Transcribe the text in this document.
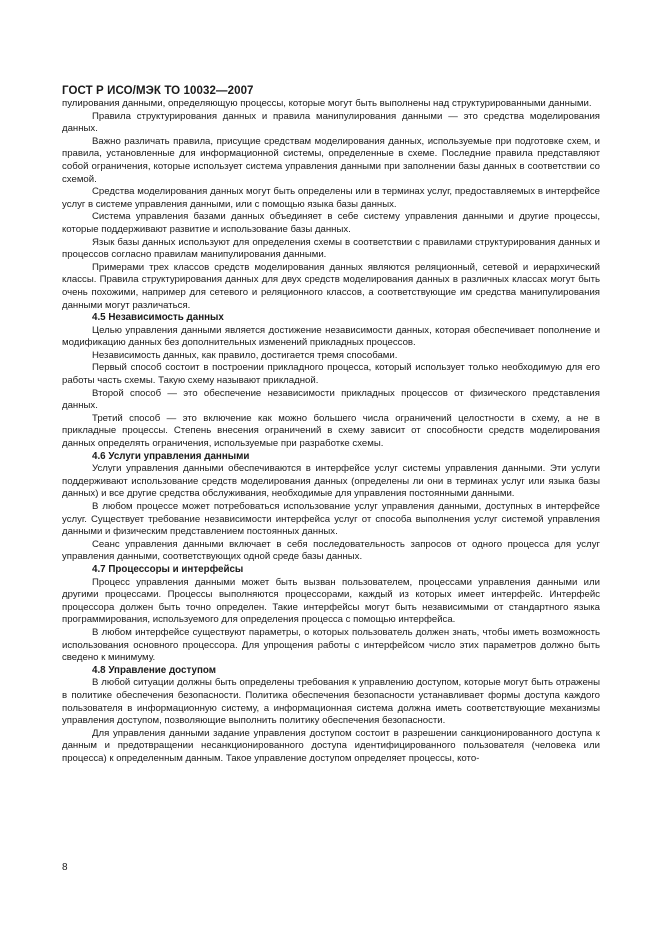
ГОСТ Р ИСО/МЭК ТО 10032—2007

пулирования данными, определяющую процессы, которые могут быть выполнены над структурированными данными.

Правила структурирования данных и правила манипулирования данными — это средства моделирования данных.

Важно различать правила, присущие средствам моделирования данных, используемые при подготовке схем, и правила, установленные для информационной системы, определенные в схеме. Последние правила представляют собой ограничения, которые использует система управления данными при заполнении базы данных в соответствии со схемой.

Средства моделирования данных могут быть определены или в терминах услуг, предоставляемых в интерфейсе услуг в системе управления данными, или с помощью языка базы данных.

Система управления базами данных объединяет в себе систему управления данными и другие процессы, которые поддерживают развитие и использование базы данных.

Язык базы данных используют для определения схемы в соответствии с правилами структурирования данных и процессов согласно правилам манипулирования данными.

Примерами трех классов средств моделирования данных являются реляционный, сетевой и иерархический классы. Правила структурирования данных для двух средств моделирования данных в различных классах могут быть очень похожими, например для сетевого и реляционного классов, а соответствующие им средства манипулирования данными могут различаться.

4.5 Независимость данных

Целью управления данными является достижение независимости данных, которая обеспечивает пополнение и модификацию данных без дополнительных изменений прикладных процессов.

Независимость данных, как правило, достигается тремя способами.

Первый способ состоит в построении прикладного процесса, который использует только необходимую для его работы часть схемы. Такую схему называют прикладной.

Второй способ — это обеспечение независимости прикладных процессов от физического представления данных.

Третий способ — это включение как можно большего числа ограничений целостности в схему, а не в прикладные процессы. Степень внесения ограничений в схему зависит от способности средств моделирования данных определять ограничения, используемые при разработке схемы.

4.6 Услуги управления данными

Услуги управления данными обеспечиваются в интерфейсе услуг системы управления данными. Эти услуги поддерживают использование средств моделирования данных (определены ли они в терминах услуг или языка базы данных) и все другие средства обслуживания, необходимые для управления постоянными данными.

В любом процессе может потребоваться использование услуг управления данными, доступных в интерфейсе услуг. Существует требование независимости интерфейса услуг от способа выполнения услуг системой управления данными и физическим представлением постоянных данных.

Сеанс управления данными включает в себя последовательность запросов от одного процесса для услуг управления данными, соответствующих одной среде базы данных.

4.7 Процессоры и интерфейсы

Процесс управления данными может быть вызван пользователем, процессами управления данными или другими процессами. Процессы выполняются процессорами, каждый из которых имеет интерфейс. Интерфейс процессора должен быть точно определен. Такие интерфейсы могут быть независимыми от стандартного языка программирования, используемого для определения процесса с помощью интерфейса.

В любом интерфейсе существуют параметры, о которых пользователь должен знать, чтобы иметь возможность использования основного процессора. Для упрощения работы с интерфейсом число этих параметров должно быть сведено к минимуму.

4.8 Управление доступом

В любой ситуации должны быть определены требования к управлению доступом, которые могут быть отражены в политике обеспечения безопасности. Политика обеспечения безопасности устанавливает формы доступа каждого пользователя в информационную систему, а информационная система должна иметь соответствующие механизмы управления доступом, позволяющие выполнить политику обеспечения безопасности.

Для управления данными задание управления доступом состоит в разрешении санкционированного доступа к данным и предотвращении несанкционированного доступа идентифицированного пользователя (человека или процесса) к определенным данным. Такое управление доступом определяет процессы, кото-

8
